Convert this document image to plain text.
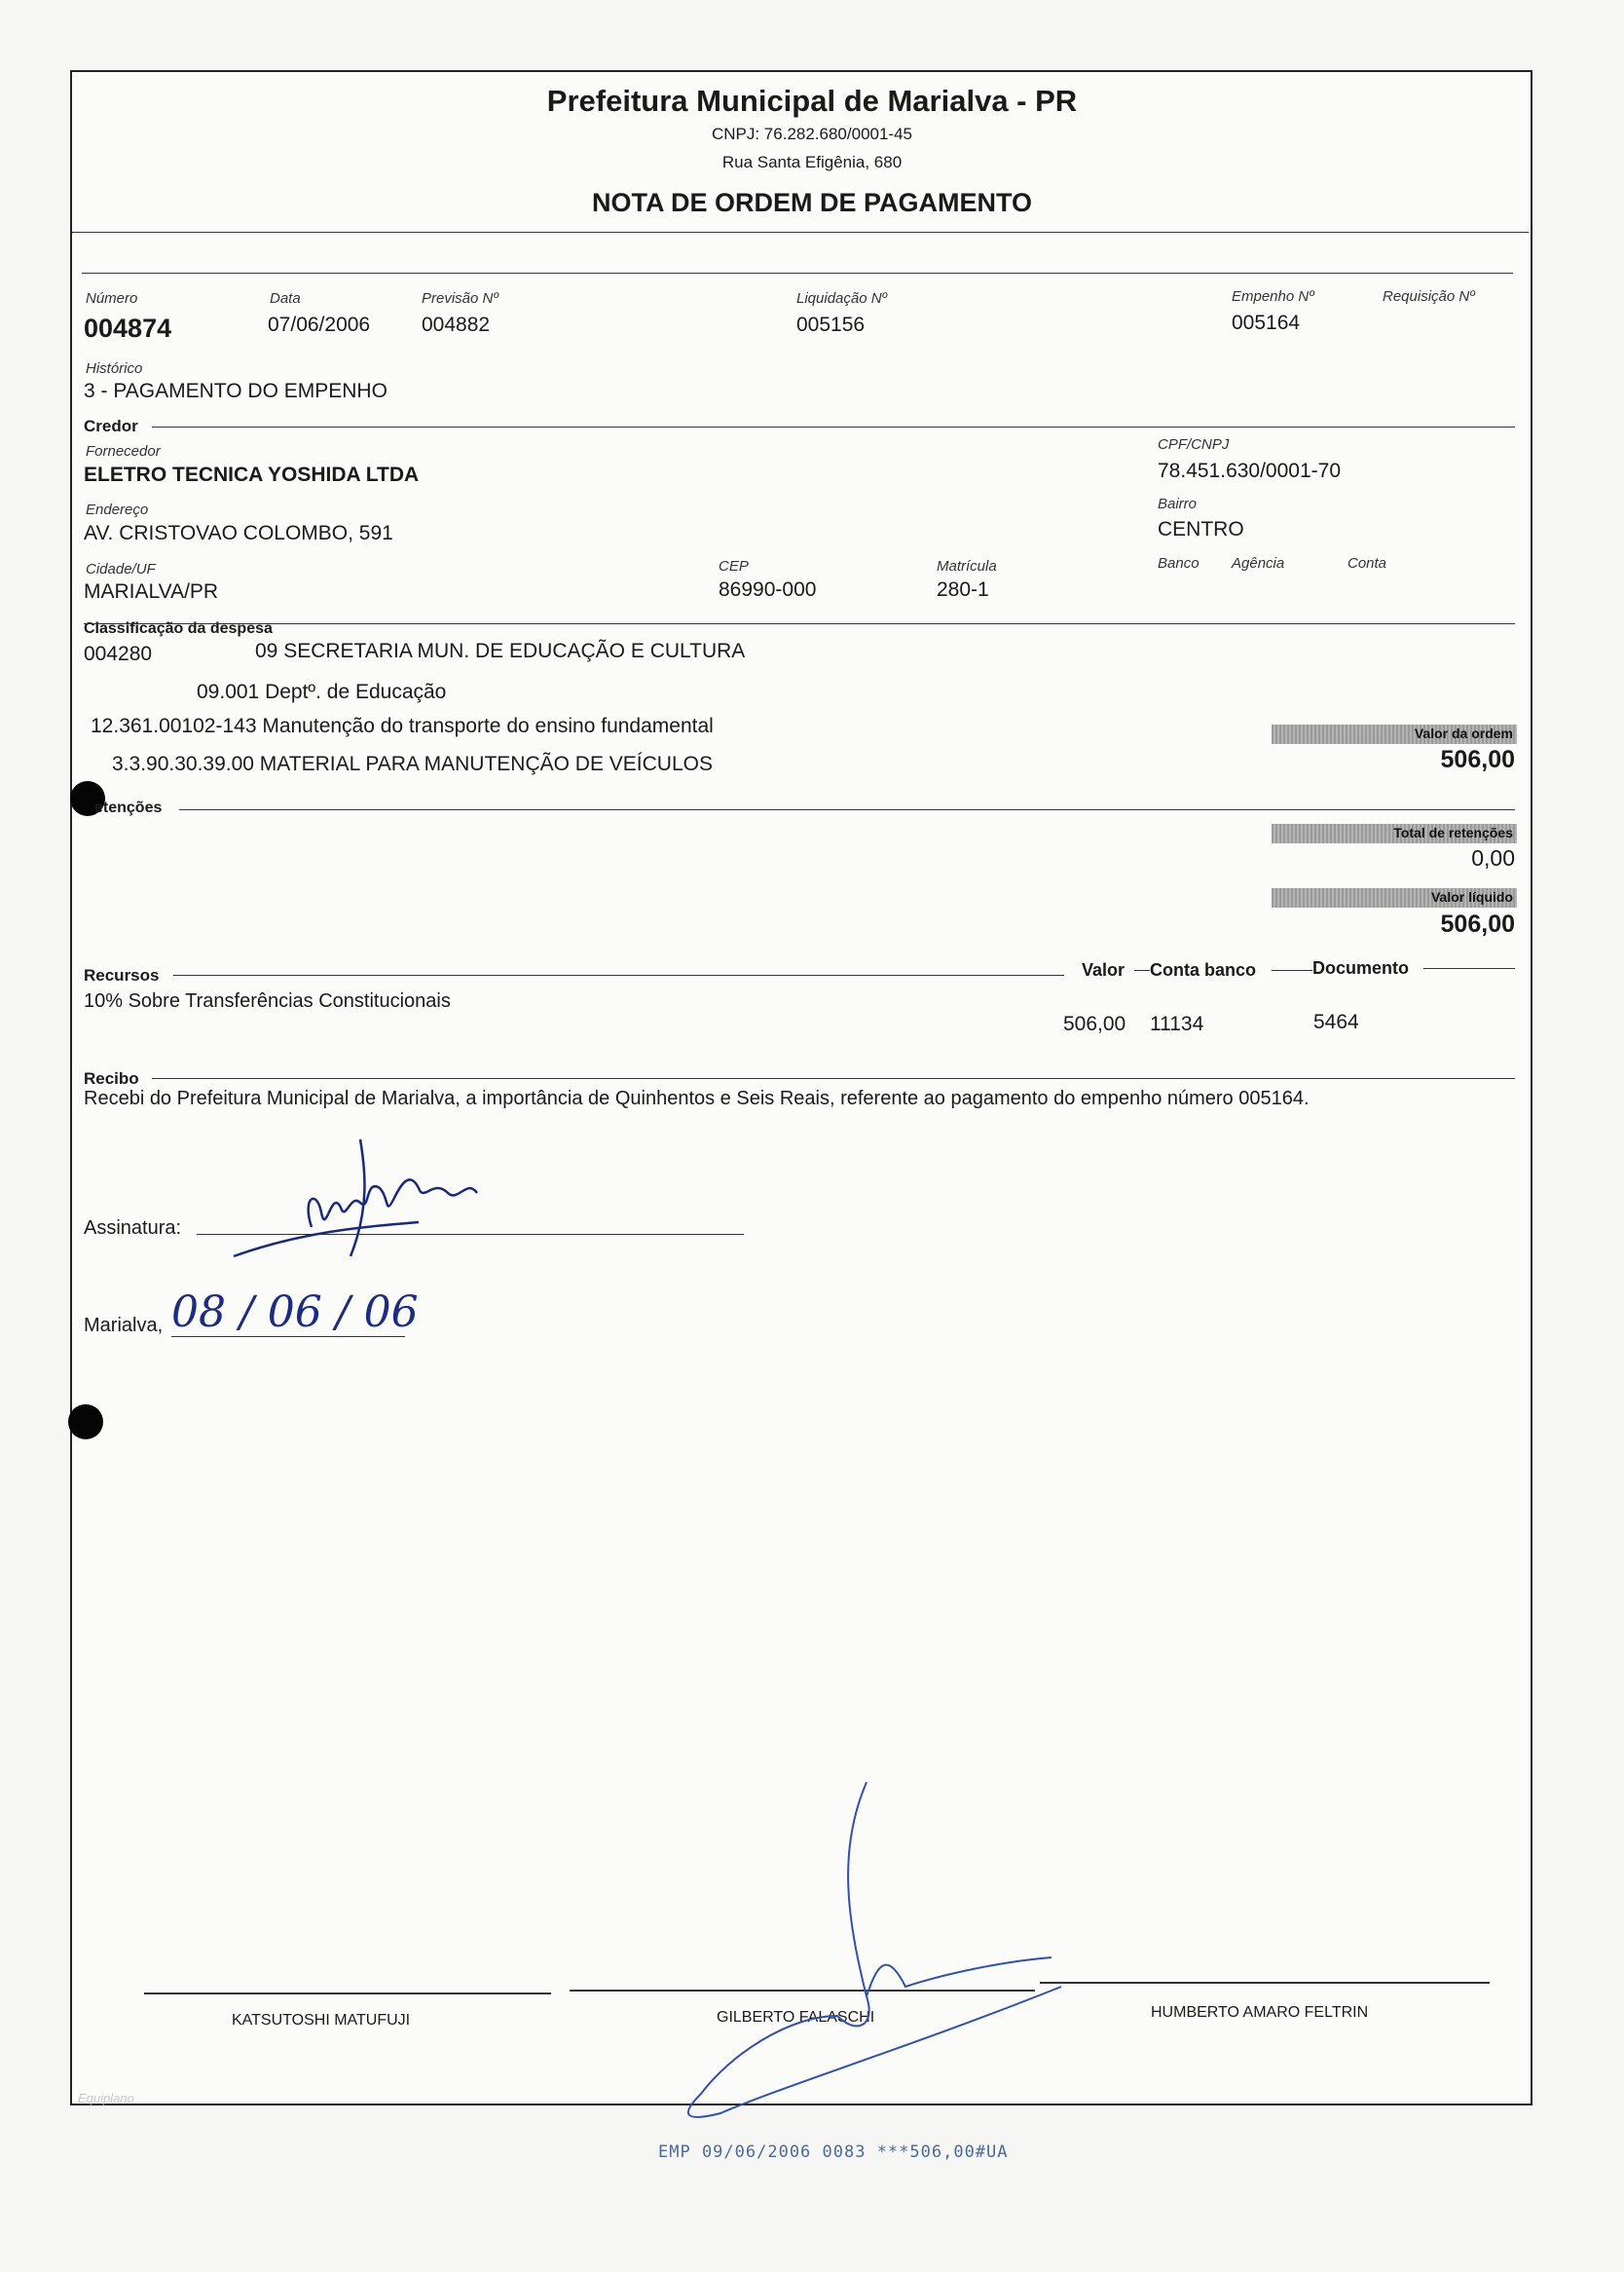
Prefeitura Municipal de Marialva - PR
CNPJ: 76.282.680/0001-45
Rua Santa Efigênia, 680
NOTA DE ORDEM DE PAGAMENTO
Número
004874
Data
07/06/2006
Previsão Nº
004882
Liquidação Nº
005156
Empenho Nº
005164
Requisição Nº
Histórico
3 - PAGAMENTO DO EMPENHO
Credor
Fornecedor
ELETRO TECNICA YOSHIDA LTDA
CPF/CNPJ
78.451.630/0001-70
Endereço
AV. CRISTOVAO COLOMBO, 591
Bairro
CENTRO
Cidade/UF
MARIALVA/PR
CEP
86990-000
Matrícula
280-1
Banco Agência	Conta
Classificação da despesa
004280	09 SECRETARIA MUN. DE EDUCAÇÃO E CULTURA
09.001 Deptº. de Educação
12.361.00102-143 Manutenção do transporte do ensino fundamental
3.3.90.30.39.00 MATERIAL PARA MANUTENÇÃO DE VEÍCULOS
Valor da ordem
506,00
etenções
Total de retenções
0,00
Valor líquido
506,00
Recursos	Valor Conta banco	Documento
10% Sobre Transferências Constitucionais
506,00 11134	5464
Recibo
Recebi do Prefeitura Municipal de Marialva, a importância de Quinhentos e Seis Reais, referente ao pagamento do empenho número 005164.
Assinatura:
Marialva, 08 / 06 / 06
KATSUTOSHI MATUFUJI	GILBERTO FALASCHI	HUMBERTO AMARO FELTRIN
Equiplano
EMP 09/06/2006 0083 ***506,00#UA
